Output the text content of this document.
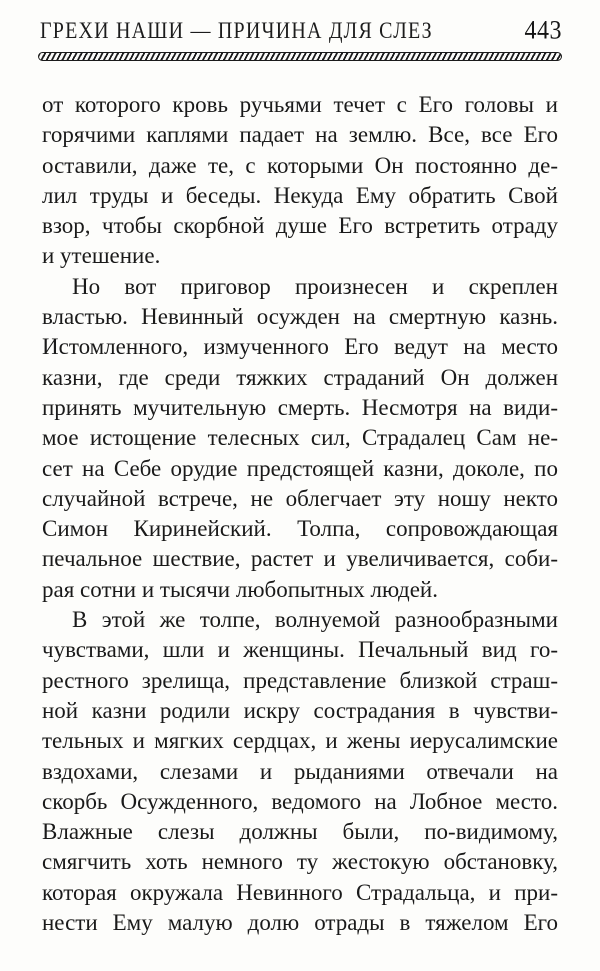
ГРЕХИ НАШИ — ПРИЧИНА ДЛЯ СЛЕЗ	443
от которого кровь ручьями течет с Его головы и
горячими каплями падает на землю. Все, все Его
оставили, даже те, с которыми Он постоянно де-
лил труды и беседы. Некуда Ему обратить Свой
взор, чтобы скорбной душе Его встретить отраду
и утешение.
Но вот приговор произнесен и скреплен
властью. Невинный осужден на смертную казнь.
Истомленного, измученного Его ведут на место
казни, где среди тяжких страданий Он должен
принять мучительную смерть. Несмотря на види-
мое истощение телесных сил, Страдалец Сам не-
сет на Себе орудие предстоящей казни, доколе, по
случайной встрече, не облегчает эту ношу некто
Симон Киринейский. Толпа, сопровождающая
печальное шествие, растет и увеличивается, соби-
рая сотни и тысячи любопытных людей.
В этой же толпе, волнуемой разнообразными
чувствами, шли и женщины. Печальный вид го-
рестного зрелища, представление близкой страш-
ной казни родили искру сострадания в чувстви-
тельных и мягких сердцах, и жены иерусалимские
вздохами, слезами и рыданиями отвечали на
скорбь Осужденного, ведомого на Лобное место.
Влажные слезы должны были, по-видимому,
смягчить хоть немного ту жестокую обстановку,
которая окружала Невинного Страдальца, и при-
нести Ему малую долю отрады в тяжелом Его
